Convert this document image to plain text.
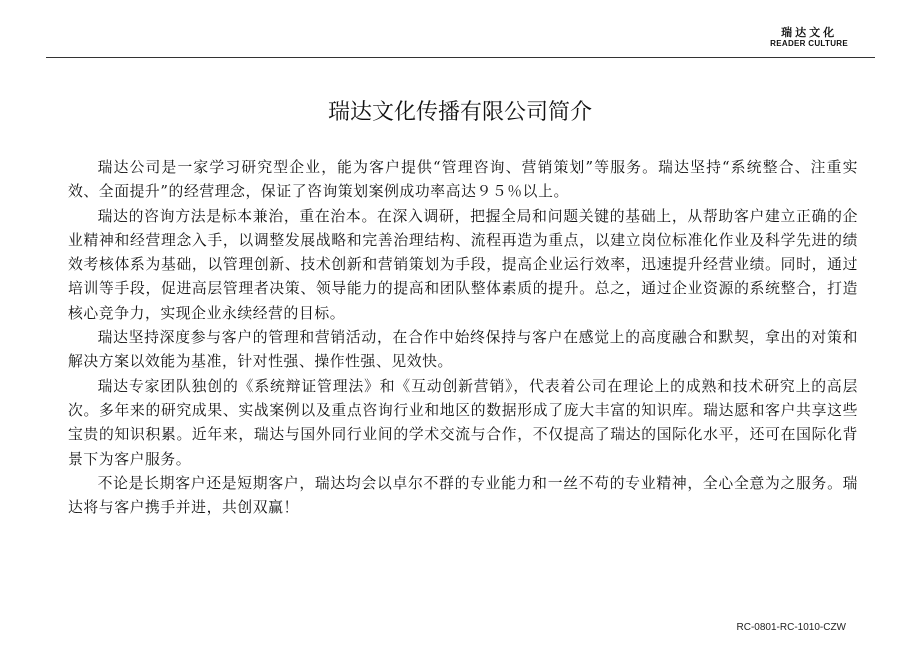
瑞达文化
READER CULTURE
瑞达文化传播有限公司简介

瑞达公司是一家学习研究型企业，能为客户提供“管理咨询、营销策划”等服务。瑞达坚持“系统整合、注重实效、全面提升”的经营理念，保证了咨询策划案例成功率高达９５％以上。

瑞达的咨询方法是标本兼治，重在治本。在深入调研，把握全局和问题关键的基础上，从帮助客户建立正确的企业精神和经营理念入手，以调整发展战略和完善治理结构、流程再造为重点，以建立岗位标准化作业及科学先进的绩效考核体系为基础，以管理创新、技术创新和营销策划为手段，提高企业运行效率，迅速提升经营业绩。同时，通过培训等手段，促进高层管理者决策、领导能力的提高和团队整体素质的提升。总之，通过企业资源的系统整合，打造核心竞争力，实现企业永续经营的目标。

瑞达坚持深度参与客户的管理和营销活动，在合作中始终保持与客户在感觉上的高度融合和默契，拿出的对策和解决方案以效能为基准，针对性强、操作性强、见效快。

瑞达专家团队独创的《系统辩证管理法》和《互动创新营销》，代表着公司在理论上的成熟和技术研究上的高层次。多年来的研究成果、实战案例以及重点咨询行业和地区的数据形成了庞大丰富的知识库。瑞达愿和客户共享这些宝贵的知识积累。近年来，瑞达与国外同行业间的学术交流与合作，不仅提高了瑞达的国际化水平，还可在国际化背景下为客户服务。

不论是长期客户还是短期客户，瑞达均会以卓尔不群的专业能力和一丝不苟的专业精神，全心全意为之服务。瑞达将与客户携手并进，共创双赢！

RC-0801-RC-1010-CZW
